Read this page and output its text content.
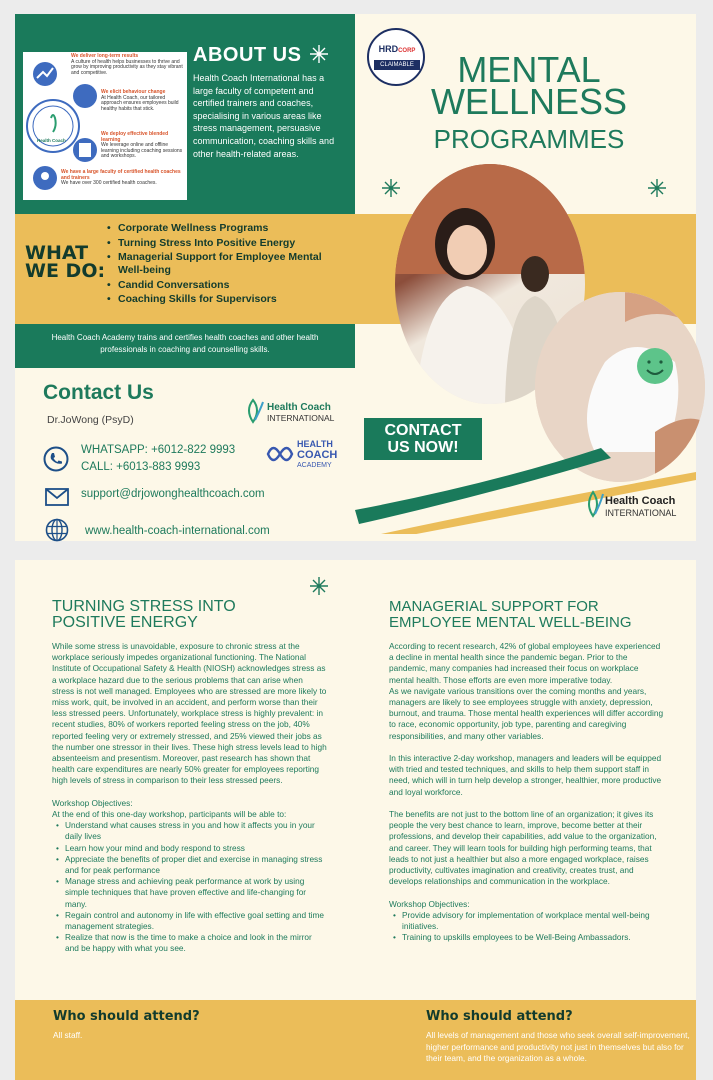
We deliver long-term results
A culture of health helps businesses to thrive and grow by improving productivity as they stay vibrant and competitive.
We elicit behaviour change
At Health Coach, our tailored approach ensures employees build healthy habits that stick.
We deploy effective blended learning
We leverage online and offline learning including coaching sessions and workshops.
We have a large faculty of certified health coaches and trainers
We have over 300 certified health coaches.
Health Coach
ABOUT US
Health Coach International has a large faculty of competent and certified trainers and coaches, specialising in various areas like stress management, persuasive communication, coaching skills and other health-related areas.
HRDCORP
CLAIMABLE	MENTAL
WELLNESS
PROGRAMMES
WHAT
WE DO:
• Corporate Wellness Programs
• Turning Stress Into Positive Energy
• Managerial Support for Employee Mental Well-being
• Candid Conversations
• Coaching Skills for Supervisors
Health Coach Academy trains and certifies health coaches and other health professionals in coaching and counselling skills.
Contact Us
Dr.JoWong (PsyD)
Health Coach
INTERNATIONAL
HEALTH
COACH
ACADEMY
WHATSAPP: +6012-822 9993
CALL: +6013-883 9993
support@drjowonghealthcoach.com
www.health-coach-international.com
CONTACT
US NOW!
Health Coach
INTERNATIONAL
TURNING STRESS INTO
POSITIVE ENERGY

While some stress is unavoidable, exposure to chronic stress at the workplace seriously impedes organizational functioning. The National Institute of Occupational Safety & Health (NIOSH) acknowledges stress as a workplace hazard due to the serious problems that can arise when stress is not well managed. Employees who are stressed are more likely to miss work, quit, be involved in an accident, and perform worse than their less stressed peers. Unfortunately, workplace stress is highly prevalent: in recent studies, 80% of workers reported feeling stress on the job, 40% reported feeling very or extremely stressed, and 25% viewed their jobs as the number one stressor in their lives. These high stress levels lead to high absenteeism and presentism. Moreover, past research has shown that health care expenditures are nearly 50% greater for employees reporting high levels of stress in comparison to their less stressed peers.

Workshop Objectives:

At the end of this one-day workshop, participants will be able to:

• Understand what causes stress in you and how it affects you in your daily lives
• Learn how your mind and body respond to stress
• Appreciate the benefits of proper diet and exercise in managing stress and for peak performance
• Manage stress and achieving peak performance at work by using simple techniques that have proven effective and life-changing for many.
• Regain control and autonomy in life with effective goal setting and time management strategies.
• Realize that now is the time to make a choice and look in the mirror and be happy with what you see.
MANAGERIAL SUPPORT FOR
EMPLOYEE MENTAL WELL-BEING

According to recent research, 42% of global employees have experienced a decline in mental health since the pandemic began. Prior to the pandemic, many companies had increased their focus on workplace mental health. Those efforts are even more imperative today.

As we navigate various transitions over the coming months and years, managers are likely to see employees struggle with anxiety, depression, burnout, and trauma. Those mental health experiences will differ according to race, economic opportunity, job type, parenting and caregiving responsibilities, and many other variables.

In this interactive 2-day workshop, managers and leaders will be equipped with tried and tested techniques, and skills to help them support staff in need, which will in turn help develop a stronger, healthier, more productive and loyal workforce.

The benefits are not just to the bottom line of an organization; it gives its people the very best chance to learn, improve, become better at their professions, and develop their capabilities, add value to the organization, and career. They will learn tools for building high performing teams, that leads to not just a healthier but also a more engaged workplace, raises productivity, cultivates imagination and creativity, creates trust, and develops relationships and communication in the workplace.

Workshop Objectives:

• Provide advisory for implementation of workplace mental well-being initiatives.
• Training to upskills employees to be Well-Being Ambassadors.
Who should attend?
All staff.
Who should attend?
All levels of management and those who seek overall self-improvement, higher performance and productivity not just in themselves but also for their team, and the organization as a whole.
